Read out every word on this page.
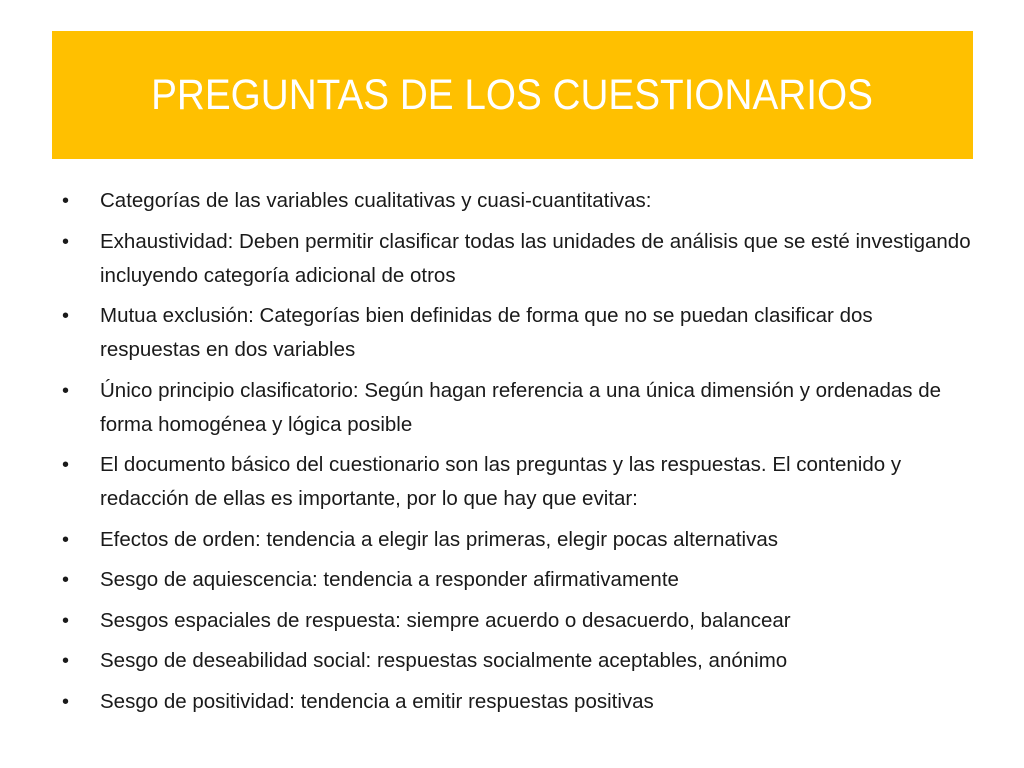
PREGUNTAS DE LOS CUESTIONARIOS
• Categorías de las variables cualitativas y cuasi-cuantitativas:
• Exhaustividad: Deben permitir clasificar todas las unidades de análisis que se esté investigando incluyendo categoría adicional de otros
• Mutua exclusión: Categorías bien definidas de forma que no se puedan clasificar dos respuestas en dos variables
• Único principio clasificatorio: Según hagan referencia a una única dimensión y ordenadas de forma homogénea y lógica posible
• El documento básico del cuestionario son las preguntas y las respuestas. El contenido y redacción de ellas es importante, por lo que hay que evitar:
• Efectos de orden: tendencia a elegir las primeras, elegir pocas alternativas
• Sesgo de aquiescencia: tendencia a responder afirmativamente
• Sesgos espaciales de respuesta: siempre acuerdo o desacuerdo, balancear
• Sesgo de deseabilidad social: respuestas socialmente aceptables, anónimo
• Sesgo de positividad: tendencia a emitir respuestas positivas
